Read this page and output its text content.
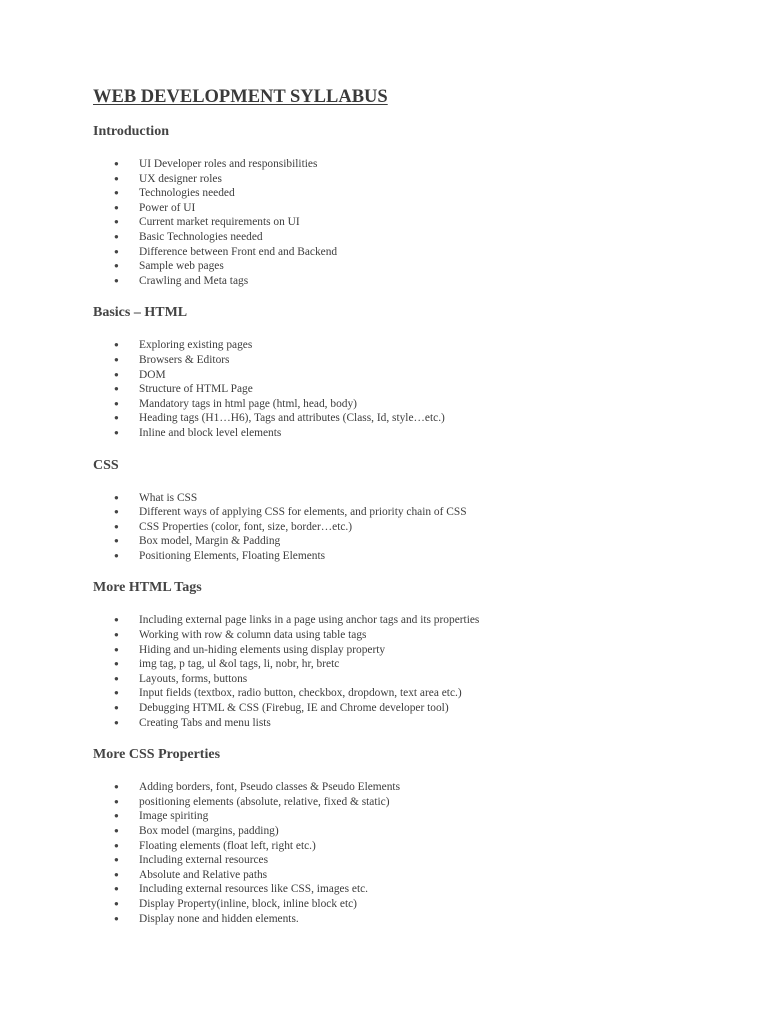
WEB DEVELOPMENT SYLLABUS
Introduction
● UI Developer roles and responsibilities
● UX designer roles
● Technologies needed
● Power of UI
● Current market requirements on UI
● Basic Technologies needed
● Difference between Front end and Backend
● Sample web pages
● Crawling and Meta tags
Basics – HTML
● Exploring existing pages
● Browsers & Editors
● DOM
● Structure of HTML Page
● Mandatory tags in html page (html, head, body)
● Heading tags (H1…H6), Tags and attributes (Class, Id, style…etc.)
● Inline and block level elements
CSS
● What is CSS
● Different ways of applying CSS for elements, and priority chain of CSS
● CSS Properties (color, font, size, border…etc.)
● Box model, Margin & Padding
● Positioning Elements, Floating Elements
More HTML Tags
● Including external page links in a page using anchor tags and its properties
● Working with row & column data using table tags
● Hiding and un-hiding elements using display property
● img tag, p tag, ul &ol tags, li, nobr, hr, bretc
● Layouts, forms, buttons
● Input fields (textbox, radio button, checkbox, dropdown, text area etc.)
● Debugging HTML & CSS (Firebug, IE and Chrome developer tool)
● Creating Tabs and menu lists
More CSS Properties
● Adding borders, font, Pseudo classes & Pseudo Elements
● positioning elements (absolute, relative, fixed & static)
● Image spiriting
● Box model (margins, padding)
● Floating elements (float left, right etc.)
● Including external resources
● Absolute and Relative paths
● Including external resources like CSS, images etc.
● Display Property(inline, block, inline block etc)
● Display none and hidden elements.
